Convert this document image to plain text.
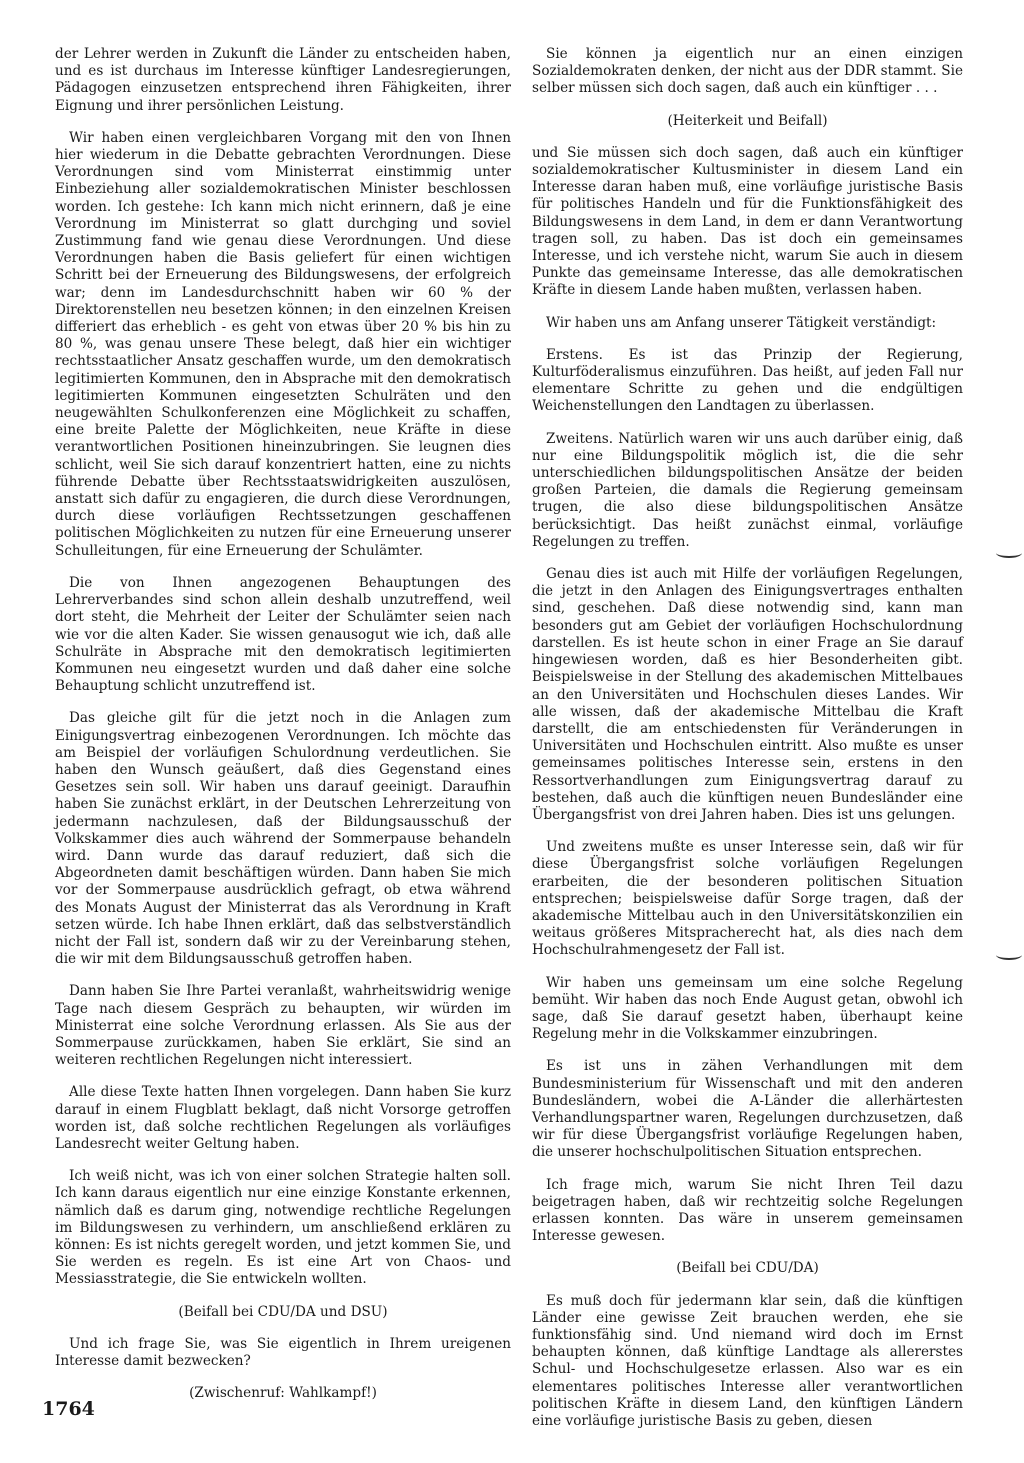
der Lehrer werden in Zukunft die Länder zu entscheiden haben, und es ist durchaus im Interesse künftiger Landesregierungen, Pädagogen einzusetzen entsprechend ihren Fähigkeiten, ihrer Eignung und ihrer persönlichen Leistung.

Wir haben einen vergleichbaren Vorgang mit den von Ihnen hier wiederum in die Debatte gebrachten Verordnungen. Diese Verordnungen sind vom Ministerrat einstimmig unter Einbeziehung aller sozialdemokratischen Minister beschlossen worden. Ich gestehe: Ich kann mich nicht erinnern, daß je eine Verordnung im Ministerrat so glatt durchging und soviel Zustimmung fand wie genau diese Verordnungen. Und diese Verordnungen haben die Basis geliefert für einen wichtigen Schritt bei der Erneuerung des Bildungswesens, der erfolgreich war; denn im Landesdurchschnitt haben wir 60 % der Direktorenstellen neu besetzen können; in den einzelnen Kreisen differiert das erheblich - es geht von etwas über 20 % bis hin zu 80 %, was genau unsere These belegt, daß hier ein wichtiger rechtsstaatlicher Ansatz geschaffen wurde, um den demokratisch legitimierten Kommunen, den in Absprache mit den demokratisch legitimierten Kommunen eingesetzten Schulräten und den neugewählten Schulkonferenzen eine Möglichkeit zu schaffen, eine breite Palette der Möglichkeiten, neue Kräfte in diese verantwortlichen Positionen hineinzubringen. Sie leugnen dies schlicht, weil Sie sich darauf konzentriert hatten, eine zu nichts führende Debatte über Rechtsstaatswidrigkeiten auszulösen, anstatt sich dafür zu engagieren, die durch diese Verordnungen, durch diese vorläufigen Rechtssetzungen geschaffenen politischen Möglichkeiten zu nutzen für eine Erneuerung unserer Schulleitungen, für eine Erneuerung der Schulämter.

Die von Ihnen angezogenen Behauptungen des Lehrerverbandes sind schon allein deshalb unzutreffend, weil dort steht, die Mehrheit der Leiter der Schulämter seien nach wie vor die alten Kader. Sie wissen genausogut wie ich, daß alle Schulräte in Absprache mit den demokratisch legitimierten Kommunen neu eingesetzt wurden und daß daher eine solche Behauptung schlicht unzutreffend ist.

Das gleiche gilt für die jetzt noch in die Anlagen zum Einigungsvertrag einbezogenen Verordnungen. Ich möchte das am Beispiel der vorläufigen Schulordnung verdeutlichen. Sie haben den Wunsch geäußert, daß dies Gegenstand eines Gesetzes sein soll. Wir haben uns darauf geeinigt. Daraufhin haben Sie zunächst erklärt, in der Deutschen Lehrerzeitung von jedermann nachzulesen, daß der Bildungsausschuß der Volkskammer dies auch während der Sommerpause behandeln wird. Dann wurde das darauf reduziert, daß sich die Abgeordneten damit beschäftigen würden. Dann haben Sie mich vor der Sommerpause ausdrücklich gefragt, ob etwa während des Monats August der Ministerrat das als Verordnung in Kraft setzen würde. Ich habe Ihnen erklärt, daß das selbstverständlich nicht der Fall ist, sondern daß wir zu der Vereinbarung stehen, die wir mit dem Bildungsausschuß getroffen haben.

Dann haben Sie Ihre Partei veranlaßt, wahrheitswidrig wenige Tage nach diesem Gespräch zu behaupten, wir würden im Ministerrat eine solche Verordnung erlassen. Als Sie aus der Sommerpause zurückkamen, haben Sie erklärt, Sie sind an weiteren rechtlichen Regelungen nicht interessiert.

Alle diese Texte hatten Ihnen vorgelegen. Dann haben Sie kurz darauf in einem Flugblatt beklagt, daß nicht Vorsorge getroffen worden ist, daß solche rechtlichen Regelungen als vorläufiges Landesrecht weiter Geltung haben.

Ich weiß nicht, was ich von einer solchen Strategie halten soll. Ich kann daraus eigentlich nur eine einzige Konstante erkennen, nämlich daß es darum ging, notwendige rechtliche Regelungen im Bildungswesen zu verhindern, um anschließend erklären zu können: Es ist nichts geregelt worden, und jetzt kommen Sie, und Sie werden es regeln. Es ist eine Art von Chaos- und Messiasstrategie, die Sie entwickeln wollten.

(Beifall bei CDU/DA und DSU)

Und ich frage Sie, was Sie eigentlich in Ihrem ureigenen Interesse damit bezwecken?

(Zwischenruf: Wahlkampf!)

Sie können ja eigentlich nur an einen einzigen Sozialdemokraten denken, der nicht aus der DDR stammt. Sie selber müssen sich doch sagen, daß auch ein künftiger . . .

(Heiterkeit und Beifall)

und Sie müssen sich doch sagen, daß auch ein künftiger sozialdemokratischer Kultusminister in diesem Land ein Interesse daran haben muß, eine vorläufige juristische Basis für politisches Handeln und für die Funktionsfähigkeit des Bildungswesens in dem Land, in dem er dann Verantwortung tragen soll, zu haben. Das ist doch ein gemeinsames Interesse, und ich verstehe nicht, warum Sie auch in diesem Punkte das gemeinsame Interesse, das alle demokratischen Kräfte in diesem Lande haben mußten, verlassen haben.

Wir haben uns am Anfang unserer Tätigkeit verständigt:

Erstens. Es ist das Prinzip der Regierung, Kulturföderalismus einzuführen. Das heißt, auf jeden Fall nur elementare Schritte zu gehen und die endgültigen Weichenstellungen den Landtagen zu überlassen.

Zweitens. Natürlich waren wir uns auch darüber einig, daß nur eine Bildungspolitik möglich ist, die die sehr unterschiedlichen bildungspolitischen Ansätze der beiden großen Parteien, die damals die Regierung gemeinsam trugen, die also diese bildungspolitischen Ansätze berücksichtigt. Das heißt zunächst einmal, vorläufige Regelungen zu treffen.

Genau dies ist auch mit Hilfe der vorläufigen Regelungen, die jetzt in den Anlagen des Einigungsvertrages enthalten sind, geschehen. Daß diese notwendig sind, kann man besonders gut am Gebiet der vorläufigen Hochschulordnung darstellen. Es ist heute schon in einer Frage an Sie darauf hingewiesen worden, daß es hier Besonderheiten gibt. Beispielsweise in der Stellung des akademischen Mittelbaues an den Universitäten und Hochschulen dieses Landes. Wir alle wissen, daß der akademische Mittelbau die Kraft darstellt, die am entschiedensten für Veränderungen in Universitäten und Hochschulen eintritt. Also mußte es unser gemeinsames politisches Interesse sein, erstens in den Ressortverhandlungen zum Einigungsvertrag darauf zu bestehen, daß auch die künftigen neuen Bundesländer eine Übergangsfrist von drei Jahren haben. Dies ist uns gelungen.

Und zweitens mußte es unser Interesse sein, daß wir für diese Übergangsfrist solche vorläufigen Regelungen erarbeiten, die der besonderen politischen Situation entsprechen; beispielsweise dafür Sorge tragen, daß der akademische Mittelbau auch in den Universitätskonzilien ein weitaus größeres Mitspracherecht hat, als dies nach dem Hochschulrahmengesetz der Fall ist.

Wir haben uns gemeinsam um eine solche Regelung bemüht. Wir haben das noch Ende August getan, obwohl ich sage, daß Sie darauf gesetzt haben, überhaupt keine Regelung mehr in die Volkskammer einzubringen.

Es ist uns in zähen Verhandlungen mit dem Bundesministerium für Wissenschaft und mit den anderen Bundesländern, wobei die A-Länder die allerhärtesten Verhandlungspartner waren, Regelungen durchzusetzen, daß wir für diese Übergangsfrist vorläufige Regelungen haben, die unserer hochschulpolitischen Situation entsprechen.

Ich frage mich, warum Sie nicht Ihren Teil dazu beigetragen haben, daß wir rechtzeitig solche Regelungen erlassen konnten. Das wäre in unserem gemeinsamen Interesse gewesen.

(Beifall bei CDU/DA)

Es muß doch für jedermann klar sein, daß die künftigen Länder eine gewisse Zeit brauchen werden, ehe sie funktionsfähig sind. Und niemand wird doch im Ernst behaupten können, daß künftige Landtage als allererstes Schul- und Hochschulgesetze erlassen. Also war es ein elementares politisches Interesse aller verantwortlichen politischen Kräfte in diesem Land, den künftigen Ländern eine vorläufige juristische Basis zu geben, diesen

1764
